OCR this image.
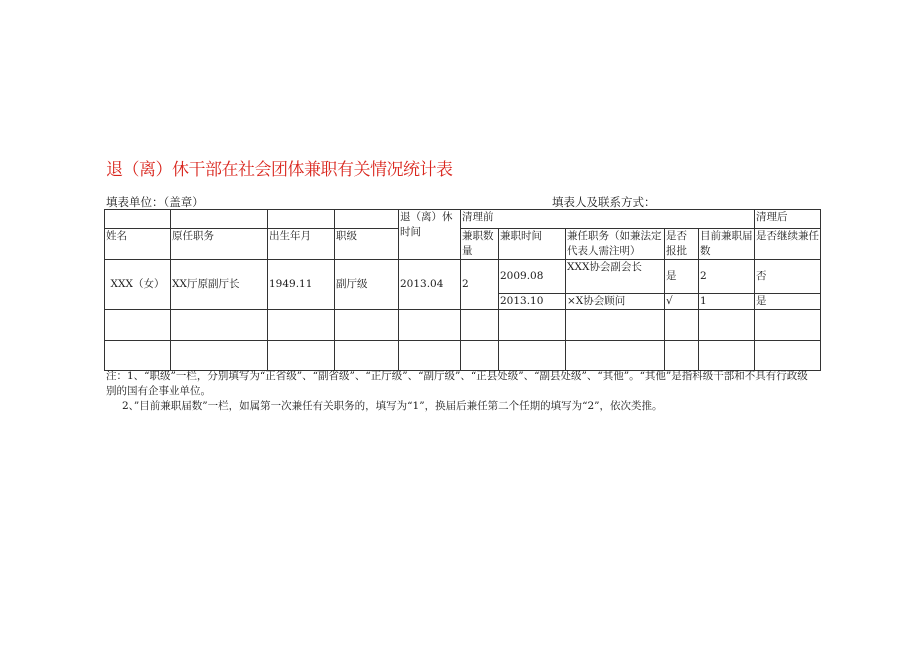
退（离）休干部在社会团体兼职有关情况统计表
填表单位：（盖章）	填表人及联系方式：
				退（离）休时间	清理前					清理后
姓名	原任职务	出生年月	职级		兼职数量	兼职时间	兼任职务（如兼法定代表人需注明）	是否报批	目前兼职届数	是否继续兼任
XXX（女）	XX厅原副厅长	1949.11	副厅级	2013.04	2	2009.08	XXX协会副会长	是	2	否
						2013.10	×X协会顾问	√	1	是

注：1、“职级”一栏，分别填写为“正省级”、“副省级”、“正厅级”、“副厅级”、“正县处级”、“副县处级”、“其他”。“其他”是指科级干部和不具有行政级别的国有企事业单位。

2、”目前兼职届数”一栏，如属第一次兼任有关职务的，填写为“1”，换届后兼任第二个任期的填写为“2”，依次类推。
